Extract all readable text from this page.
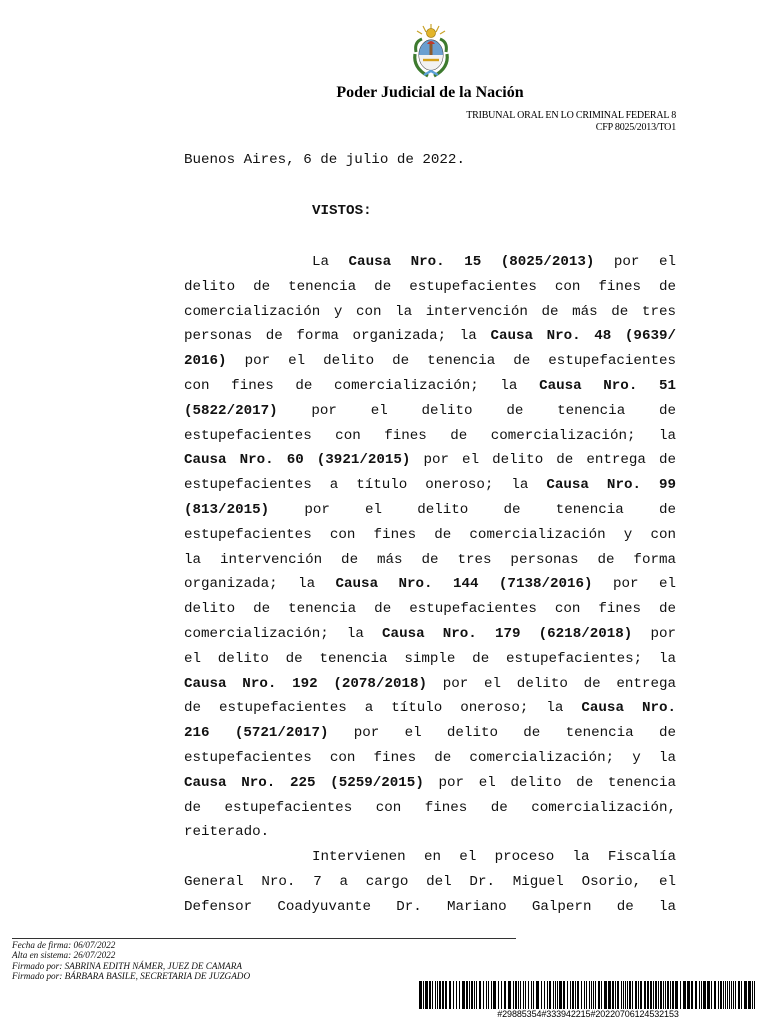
Poder Judicial de la Nación
TRIBUNAL ORAL EN LO CRIMINAL FEDERAL 8
CFP 8025/2013/TO1
Buenos Aires, 6 de julio de 2022.
VISTOS:
La Causa Nro. 15 (8025/2013) por el
delito de tenencia de estupefacientes con fines de
comercialización y con la intervención de más de tres
personas de forma organizada; la Causa Nro. 48 (9639/
2016) por el delito de tenencia de estupefacientes
con fines de comercialización; la Causa Nro. 51
(5822/2017) por el delito de tenencia de
estupefacientes con fines de comercialización; la
Causa Nro. 60 (3921/2015) por el delito de entrega de
estupefacientes a título oneroso; la Causa Nro. 99
(813/2015) por el delito de tenencia de
estupefacientes con fines de comercialización y con
la intervención de más de tres personas de forma
organizada; la Causa Nro. 144 (7138/2016) por el
delito de tenencia de estupefacientes con fines de
comercialización; la Causa Nro. 179 (6218/2018) por
el delito de tenencia simple de estupefacientes; la
Causa Nro. 192 (2078/2018) por el delito de entrega
de estupefacientes a título oneroso; la Causa Nro.
216 (5721/2017) por el delito de tenencia de
estupefacientes con fines de comercialización; y la
Causa Nro. 225 (5259/2015) por el delito de tenencia
de estupefacientes con fines de comercialización,
reiterado.
Intervienen en el proceso la Fiscalía
General Nro. 7 a cargo del Dr. Miguel Osorio, el
Defensor Coadyuvante Dr. Mariano Galpern de la
Fecha de firma: 06/07/2022
Alta en sistema: 26/07/2022
Firmado por: SABRINA EDITH NÁMER, JUEZ DE CAMARA
Firmado por: BÁRBARA BASILE, SECRETARIA DE JUZGADO
#29885354#333942215#20220706124532153
